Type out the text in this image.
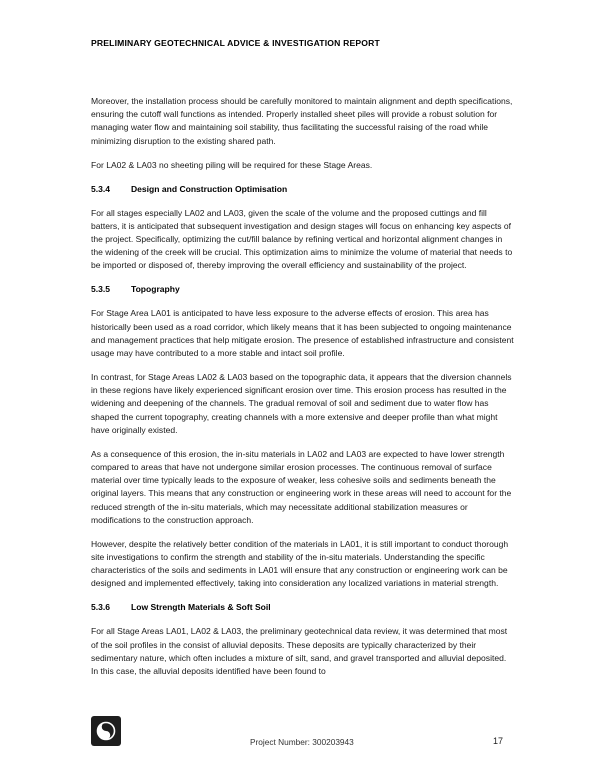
PRELIMINARY GEOTECHNICAL ADVICE & INVESTIGATION REPORT

Moreover, the installation process should be carefully monitored to maintain alignment and depth specifications, ensuring the cutoff wall functions as intended. Properly installed sheet piles will provide a robust solution for managing water flow and maintaining soil stability, thus facilitating the successful raising of the road while minimizing disruption to the existing shared path.

For LA02 & LA03 no sheeting piling will be required for these Stage Areas.

5.3.4	Design and Construction Optimisation

For all stages especially LA02 and LA03, given the scale of the volume and the proposed cuttings and fill batters, it is anticipated that subsequent investigation and design stages will focus on enhancing key aspects of the project. Specifically, optimizing the cut/fill balance by refining vertical and horizontal alignment changes in the widening of the creek will be crucial. This optimization aims to minimize the volume of material that needs to be imported or disposed of, thereby improving the overall efficiency and sustainability of the project.

5.3.5	Topography

For Stage Area LA01 is anticipated to have less exposure to the adverse effects of erosion. This area has historically been used as a road corridor, which likely means that it has been subjected to ongoing maintenance and management practices that help mitigate erosion. The presence of established infrastructure and consistent usage may have contributed to a more stable and intact soil profile.

In contrast, for Stage Areas LA02 & LA03 based on the topographic data, it appears that the diversion channels in these regions have likely experienced significant erosion over time. This erosion process has resulted in the widening and deepening of the channels. The gradual removal of soil and sediment due to water flow has shaped the current topography, creating channels with a more extensive and deeper profile than what might have originally existed.

As a consequence of this erosion, the in-situ materials in LA02 and LA03 are expected to have lower strength compared to areas that have not undergone similar erosion processes. The continuous removal of surface material over time typically leads to the exposure of weaker, less cohesive soils and sediments beneath the original layers. This means that any construction or engineering work in these areas will need to account for the reduced strength of the in-situ materials, which may necessitate additional stabilization measures or modifications to the construction approach.

However, despite the relatively better condition of the materials in LA01, it is still important to conduct thorough site investigations to confirm the strength and stability of the in-situ materials. Understanding the specific characteristics of the soils and sediments in LA01 will ensure that any construction or engineering work can be designed and implemented effectively, taking into consideration any localized variations in material strength.

5.3.6	Low Strength Materials & Soft Soil

For all Stage Areas LA01, LA02 & LA03, the preliminary geotechnical data review, it was determined that most of the soil profiles in the consist of alluvial deposits. These deposits are typically characterized by their sedimentary nature, which often includes a mixture of silt, sand, and gravel transported and alluvial deposited. In this case, the alluvial deposits identified have been found to

Project Number: 300203943	17
